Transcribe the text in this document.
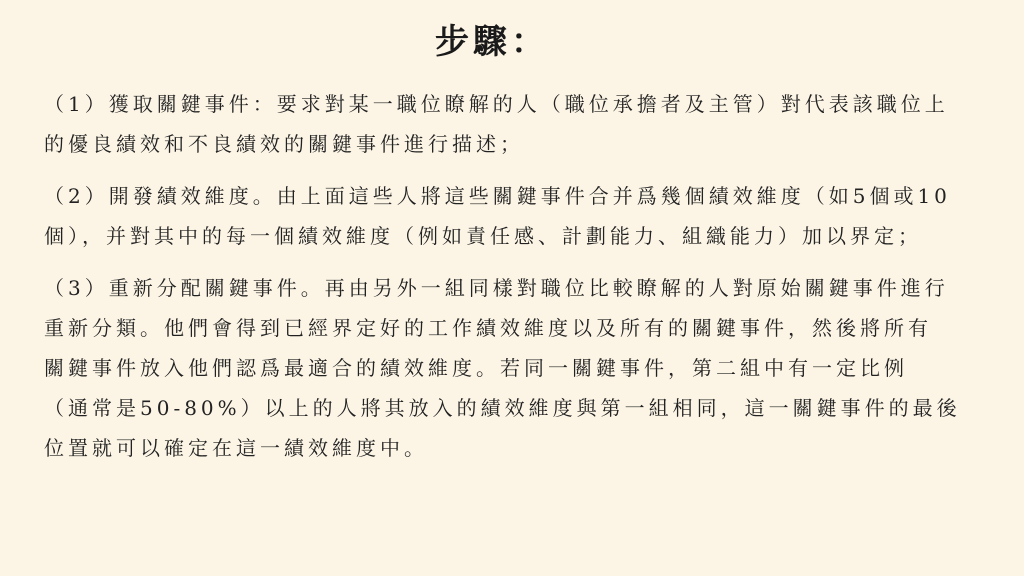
步驟：
（1）獲取關鍵事件：要求對某一職位瞭解的人（職位承擔者及主管）對代表該職位上
的優良績效和不良績效的關鍵事件進行描述；
（2）開發績效維度。由上面這些人將這些關鍵事件合并爲幾個績效維度（如5個或10
個），并對其中的每一個績效維度（例如責任感、計劃能力、組織能力）加以界定；
（3）重新分配關鍵事件。再由另外一組同樣對職位比較瞭解的人對原始關鍵事件進行
重新分類。他們會得到已經界定好的工作績效維度以及所有的關鍵事件，然後將所有
關鍵事件放入他們認爲最適合的績效維度。若同一關鍵事件，第二組中有一定比例
（通常是50-80%）以上的人將其放入的績效維度與第一組相同，這一關鍵事件的最後
位置就可以確定在這一績效維度中。
